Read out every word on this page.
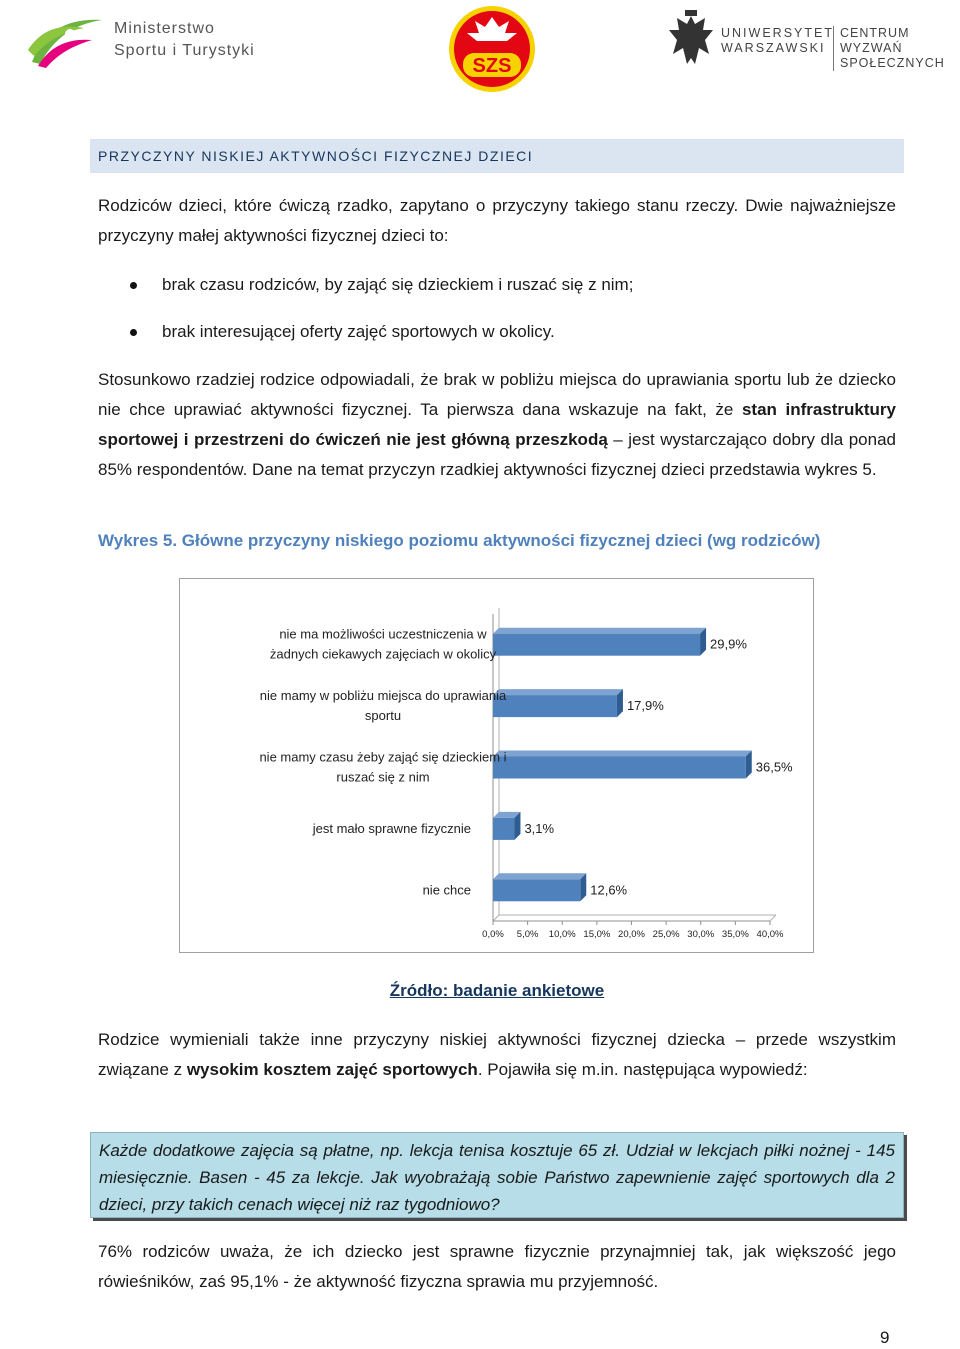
Ministerstwo
Sportu i Turystyki
SZS
UNIWERSYTET
WARSZAWSKI
CENTRUM WYZWAŃ
SPOŁECZNYCH
PRZYCZYNY NISKIEJ AKTYWNOŚCI FIZYCZNEJ DZIECI

Rodziców dzieci, które ćwiczą rzadko, zapytano o przyczyny takiego stanu rzeczy. Dwie najważniejsze przyczyny małej aktywności fizycznej dzieci to:

brak czasu rodziców, by zająć się dzieckiem i ruszać się z nim;
brak interesującej oferty zajęć sportowych w okolicy.

Stosunkowo rzadziej rodzice odpowiadali, że brak w pobliżu miejsca do uprawiania sportu lub że dziecko nie chce uprawiać aktywności fizycznej. Ta pierwsza dana wskazuje na fakt, że stan infrastruktury sportowej i przestrzeni do ćwiczeń nie jest główną przeszkodą – jest wystarczająco dobry dla ponad 85% respondentów. Dane na temat przyczyn rzadkiej aktywności fizycznej dzieci przedstawia wykres 5.

Wykres 5. Główne przyczyny niskiego poziomu aktywności fizycznej dzieci (wg rodziców)
0,0% 5,0% 10,0% 15,0% 20,0% 25,0% 30,0% 35,0% 40,0%
29,9%
nie ma możliwości uczestniczenia w
żadnych ciekawych zajęciach w okolicy
17,9%
nie mamy w pobliżu miejsca do uprawiania
sportu
36,5%
nie mamy czasu żeby zająć się dzieckiem i
ruszać się z nim
3,1%
jest mało sprawne fizycznie
12,6%
nie chce
Źródło: badanie ankietowe

Rodzice wymieniali także inne przyczyny niskiej aktywności fizycznej dziecka – przede wszystkim związane z wysokim kosztem zajęć sportowych. Pojawiła się m.in. następująca wypowiedź:

Każde dodatkowe zajęcia są płatne, np. lekcja tenisa kosztuje 65 zł. Udział w lekcjach piłki nożnej - 145 miesięcznie. Basen - 45 za lekcje. Jak wyobrażają sobie Państwo zapewnienie zajęć sportowych dla 2 dzieci, przy takich cenach więcej niż raz tygodniowo?

76% rodziców uważa, że ich dziecko jest sprawne fizycznie przynajmniej tak, jak większość jego rówieśników, zaś 95,1% - że aktywność fizyczna sprawia mu przyjemność.

9
